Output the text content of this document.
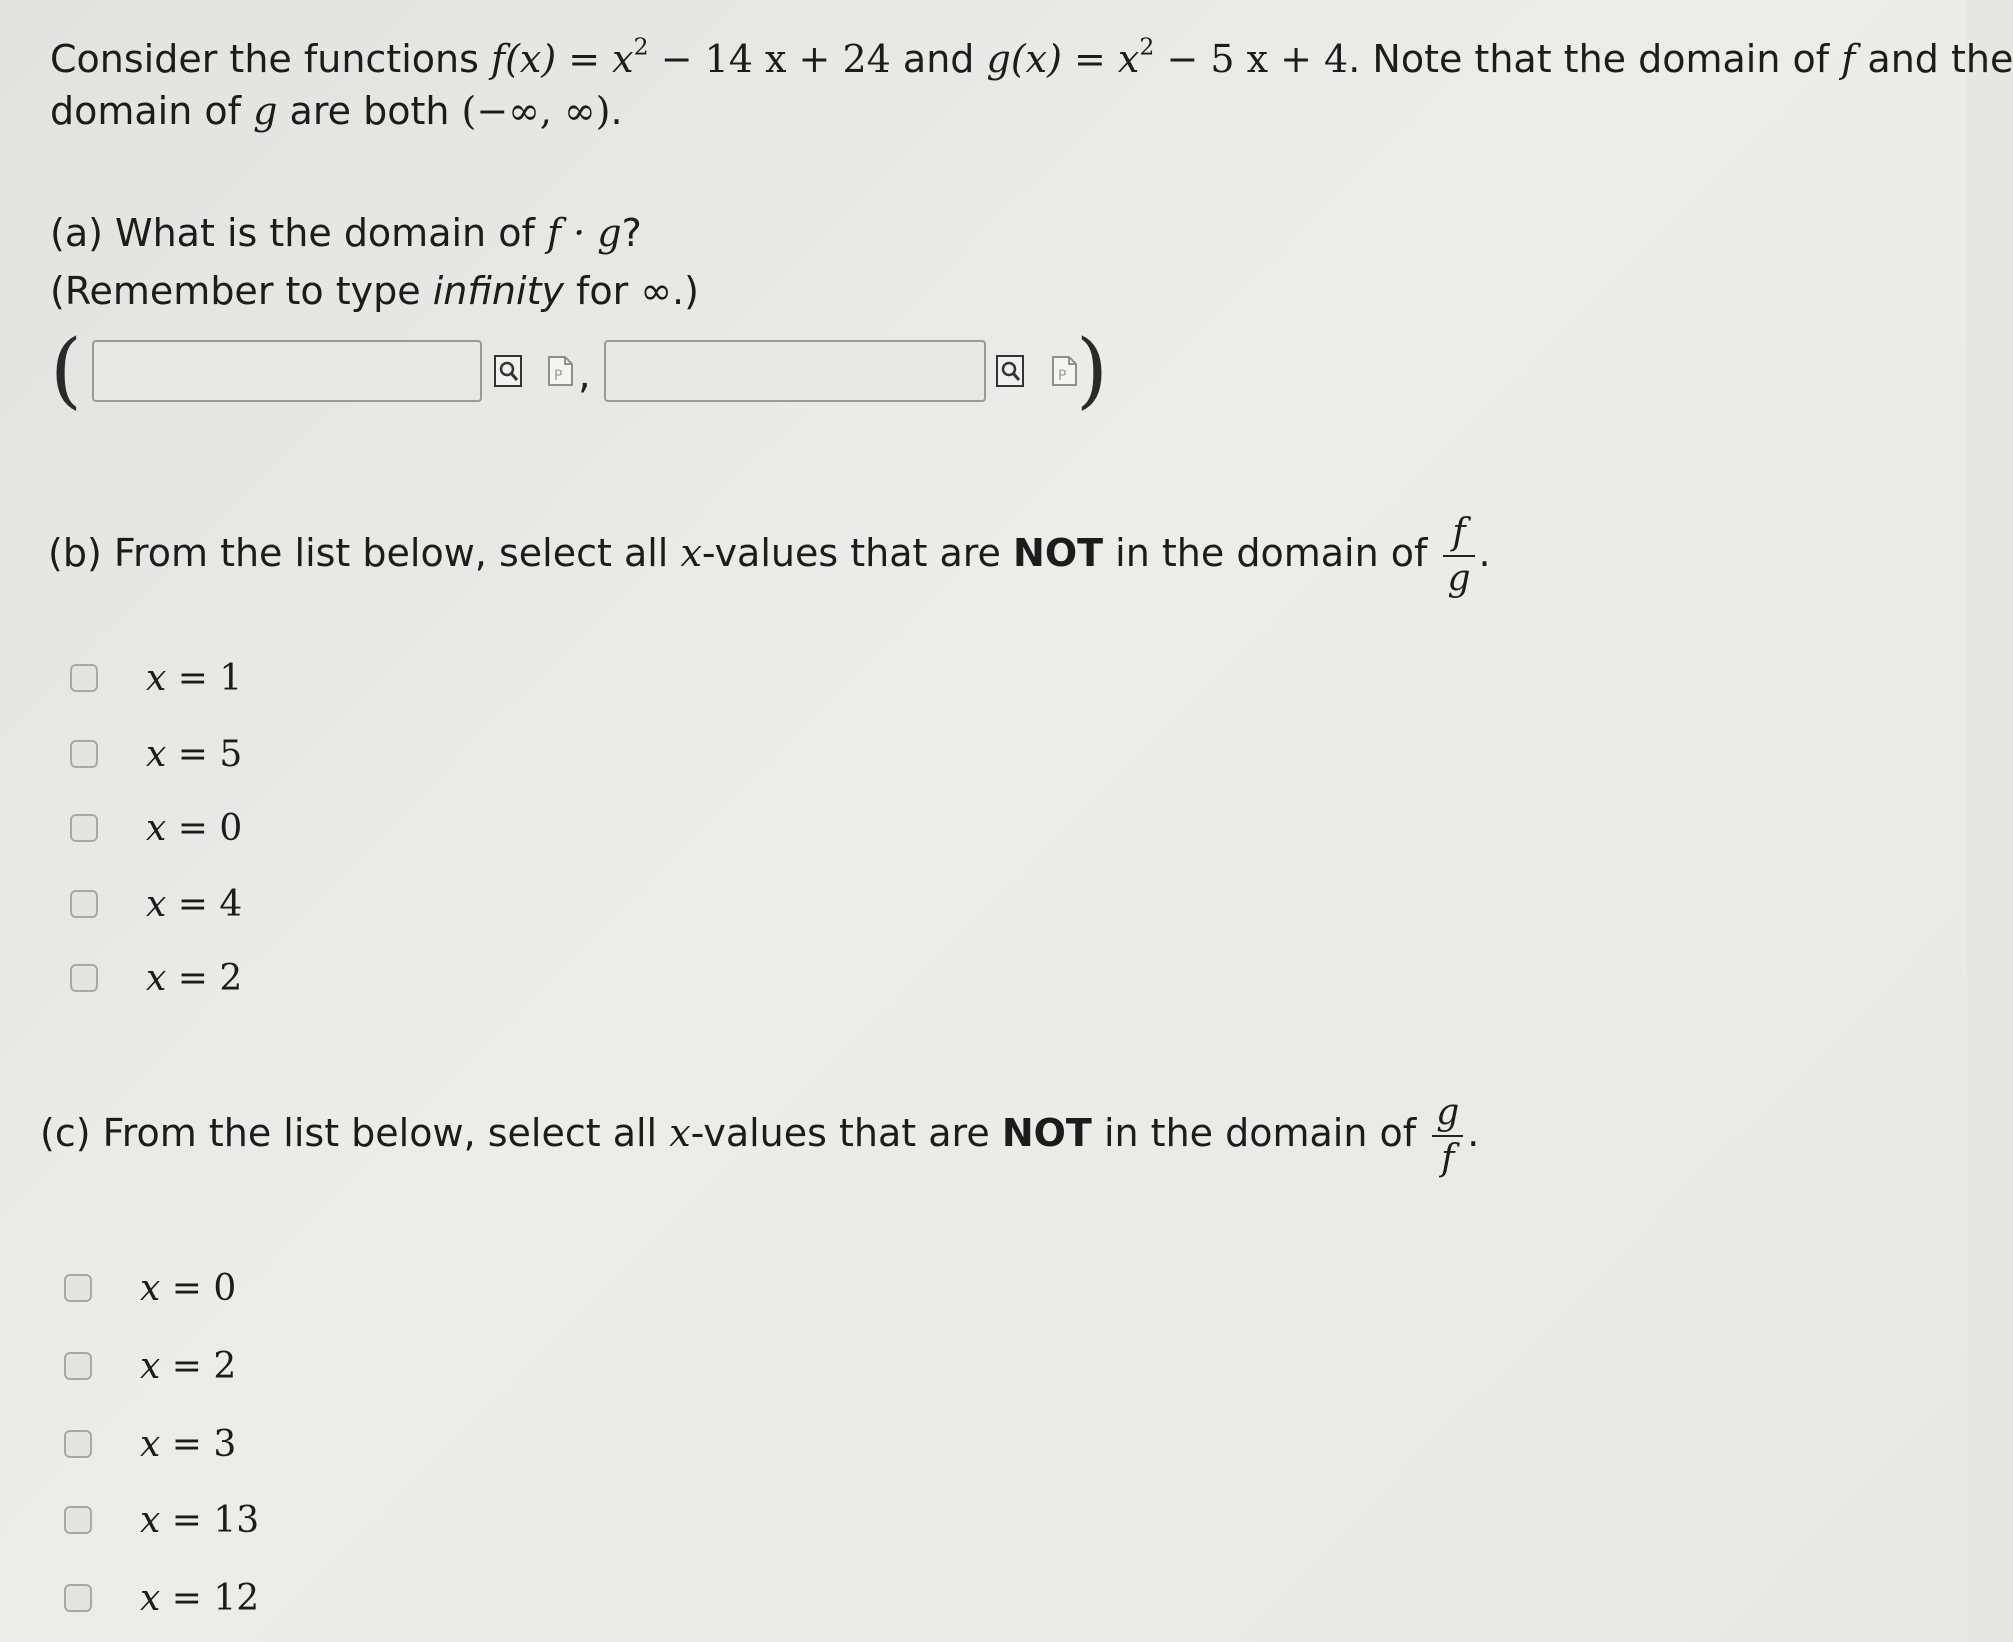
Consider the functions $f(x) = x^2 - 14$ x + 24 and $g(x) = x^2 - 5$ x + 4. Note that the domain of f and the
domain of g are both (−∞, ∞).
(a) What is the domain of f · g?
(Remember to type infinity for ∞.)
(	P ,	P )
(b) From the list below, select all x-values that are NOT in the domain of $\frac{f}{g}$ .
x = 1
x = 5
x = 0
x = 4
x = 2
(c) From the list below, select all x-values that are NOT in the domain of $\frac{g}{f}$ .
x = 0
x = 2
x = 3
x = 13
x = 12
